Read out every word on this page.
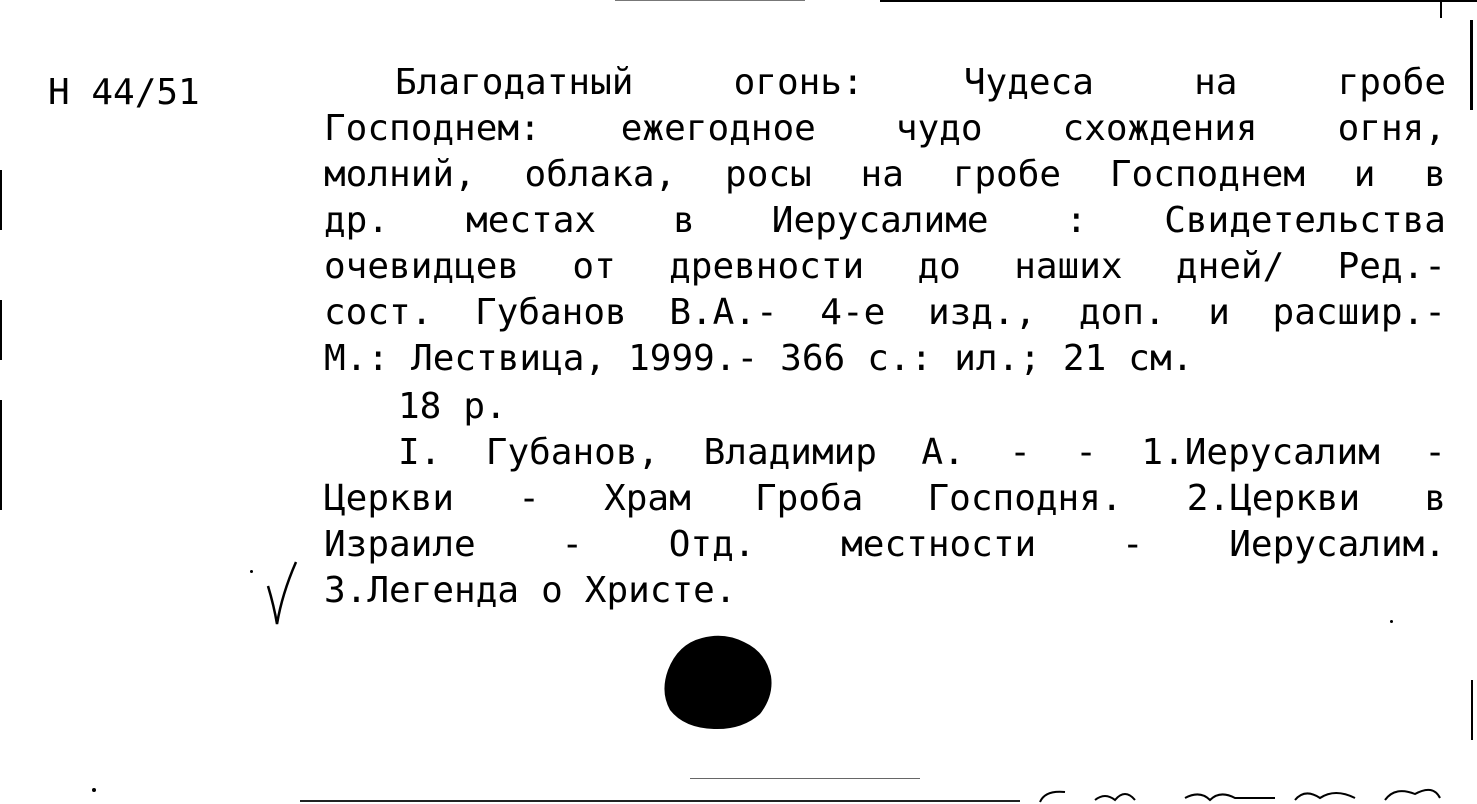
Н 44/51	Благодатный	огонь:	Чудеса	на	гробе
Господнем: ежегодное чудо схождения огня,
молний, облака, росы на гробе Господнем и в
др. местах в Иерусалиме : Свидетельства
очевидцев от древности до наших дней/ Ред.-
сост. Губанов В.А.- 4-е изд., доп. и расшир.-
М.: Лествица, 1999.- 366 с.: ил.; 21 см.
18 р.
I. Губанов, Владимир А. - - 1.Иерусалим -
Церкви - Храм Гроба Господня. 2.Церкви в
Израиле - Отд. местности - Иерусалим.
3.Легенда о Христе.
